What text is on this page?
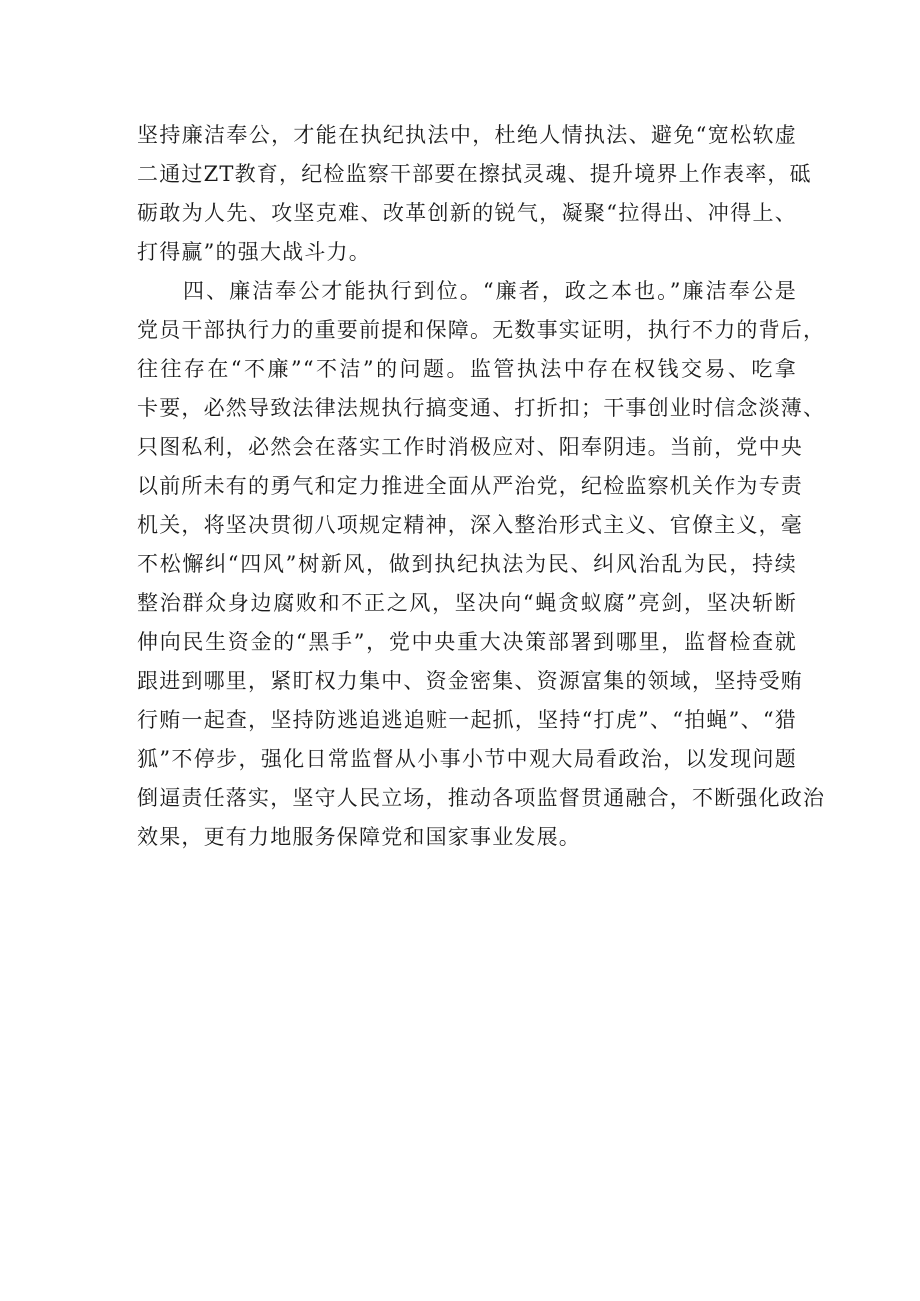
坚持廉洁奉公，才能在执纪执法中，杜绝人情执法、避免“宽松软虚
二通过ZT教育，纪检监察干部要在擦拭灵魂、提升境界上作表率，砥
砺敢为人先、攻坚克难、改革创新的锐气，凝聚“拉得出、冲得上、
打得赢”的强大战斗力。
四、廉洁奉公才能执行到位。“廉者，政之本也。”廉洁奉公是
党员干部执行力的重要前提和保障。无数事实证明，执行不力的背后，
往往存在“不廉”“不洁”的问题。监管执法中存在权钱交易、吃拿
卡要，必然导致法律法规执行搞变通、打折扣；干事创业时信念淡薄、
只图私利，必然会在落实工作时消极应对、阳奉阴违。当前，党中央
以前所未有的勇气和定力推进全面从严治党，纪检监察机关作为专责
机关，将坚决贯彻八项规定精神，深入整治形式主义、官僚主义，毫
不松懈纠“四风”树新风，做到执纪执法为民、纠风治乱为民，持续
整治群众身边腐败和不正之风，坚决向“蝇贪蚁腐”亮剑，坚决斩断
伸向民生资金的“黑手”，党中央重大决策部署到哪里，监督检查就
跟进到哪里，紧盯权力集中、资金密集、资源富集的领域，坚持受贿
行贿一起查，坚持防逃追逃追赃一起抓，坚持“打虎”、“拍蝇”、“猎
狐”不停步，强化日常监督从小事小节中观大局看政治，以发现问题
倒逼责任落实，坚守人民立场，推动各项监督贯通融合，不断强化政治
效果，更有力地服务保障党和国家事业发展。
